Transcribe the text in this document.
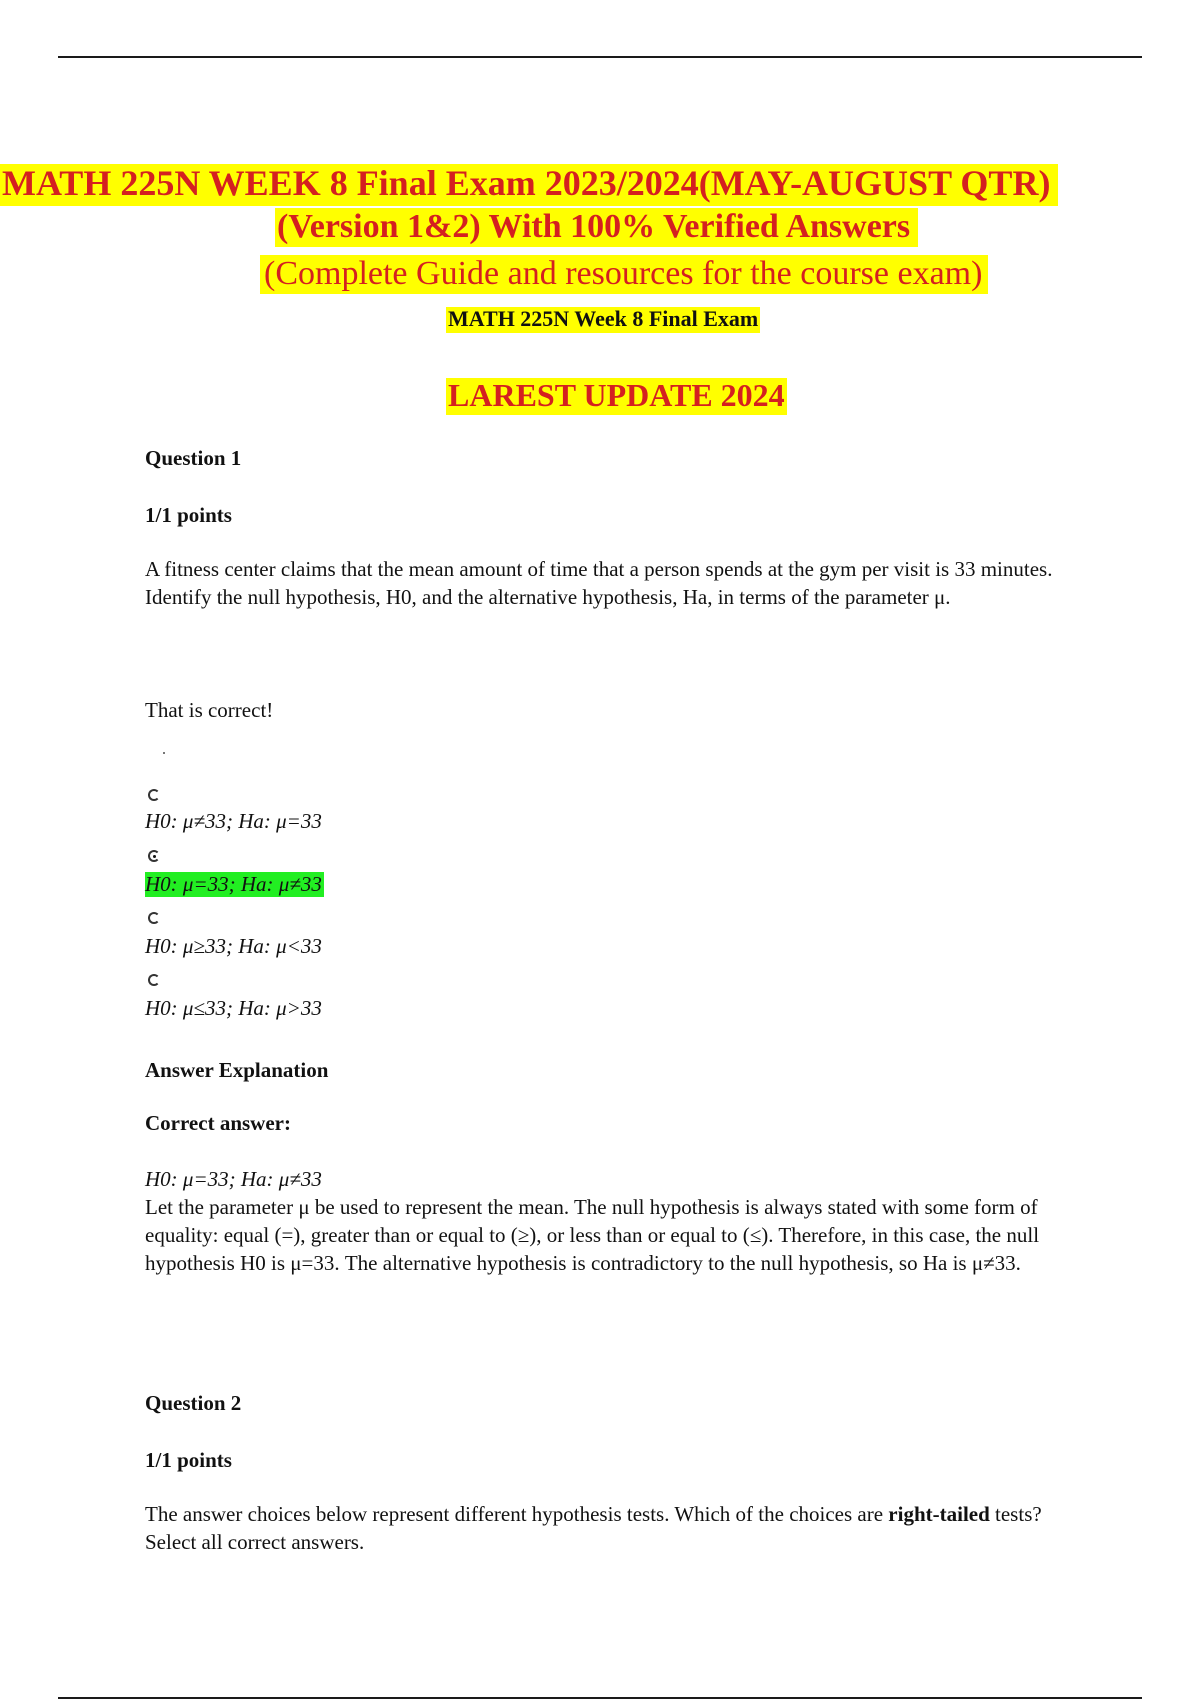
MATH 225N WEEK 8 Final Exam 2023/2024(MAY-AUGUST QTR)
(Version 1&2) With 100% Verified Answers
(Complete Guide and resources for the course exam)
MATH 225N Week 8 Final Exam
LAREST UPDATE 2024
Question 1
1/1 points
A fitness center claims that the mean amount of time that a person spends at the gym per visit is 33 minutes. Identify the null hypothesis, H0, and the alternative hypothesis, Ha, in terms of the parameter μ.
That is correct!
H0: μ≠33; Ha: μ=33
H0: μ=33; Ha: μ≠33
H0: μ≥33; Ha: μ<33
H0: μ≤33; Ha: μ>33
Answer Explanation
Correct answer:
H0: μ=33; Ha: μ≠33
Let the parameter μ be used to represent the mean. The null hypothesis is always stated with some form of equality: equal (=), greater than or equal to (≥), or less than or equal to (≤). Therefore, in this case, the null hypothesis H0 is μ=33. The alternative hypothesis is contradictory to the null hypothesis, so Ha is μ≠33.
Question 2
1/1 points
The answer choices below represent different hypothesis tests. Which of the choices are right-tailed tests? Select all correct answers.
